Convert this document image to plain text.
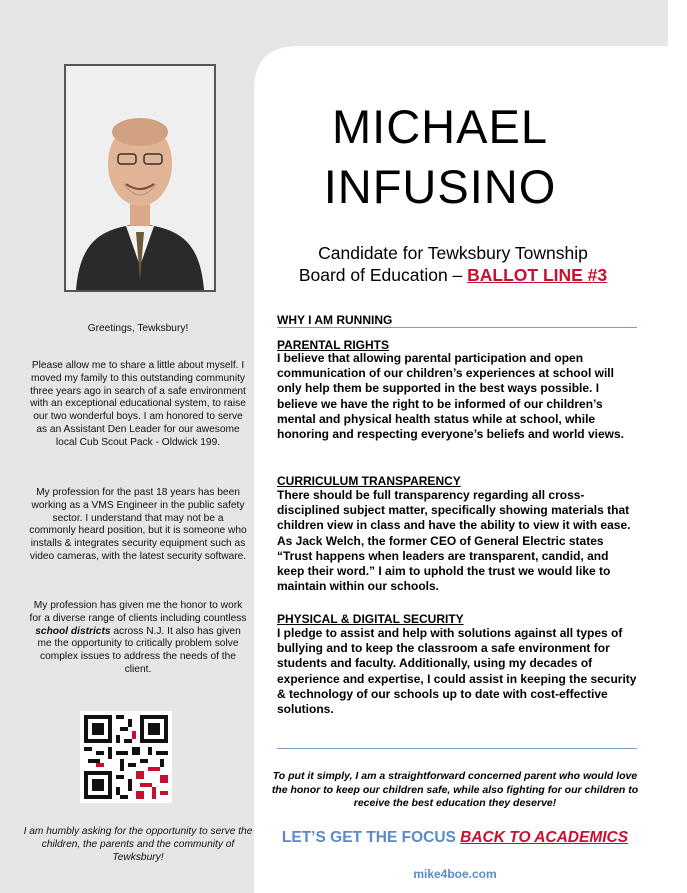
Greetings, Tewksbury!
Please allow me to share a little about myself. I moved my family to this outstanding community three years ago in search of a safe environment with an exceptional educational system, to raise our two wonderful boys. I am honored to serve as an Assistant Den Leader for our awesome local Cub Scout Pack - Oldwick 199.
My profession for the past 18 years has been working as a VMS Engineer in the public safety sector. I understand that may not be a commonly heard position, but it is someone who installs & integrates security equipment such as video cameras, with the latest security software.
My profession has given me the honor to work for a diverse range of clients including countless school districts across N.J. It also has given me the opportunity to critically problem solve complex issues to address the needs of the client.
I am humbly asking for the opportunity to serve the children, the parents and the community of Tewksbury!
MICHAEL
INFUSINO
Candidate for Tewksbury Township
Board of Education – BALLOT LINE #3
WHY I AM RUNNING
PARENTAL RIGHTS
I believe that allowing parental participation and open communication of our children’s experiences at school will only help them be supported in the best ways possible. I believe we have the right to be informed of our children’s mental and physical health status while at school, while honoring and respecting everyone’s beliefs and world views.
CURRICULUM TRANSPARENCY
There should be full transparency regarding all cross-disciplined subject matter, specifically showing materials that children view in class and have the ability to view it with ease. As Jack Welch, the former CEO of General Electric states “Trust happens when leaders are transparent, candid, and keep their word.” I aim to uphold the trust we would like to maintain within our schools.
PHYSICAL & DIGITAL SECURITY
I pledge to assist and help with solutions against all types of bullying and to keep the classroom a safe environment for students and faculty. Additionally, using my decades of experience and expertise, I could assist in keeping the security & technology of our schools up to date with cost-effective solutions.
To put it simply, I am a straightforward concerned parent who would love the honor to keep our children safe, while also fighting for our children to receive the best education they deserve!
LET’S GET THE FOCUS BACK TO ACADEMICS
mike4boe.com
